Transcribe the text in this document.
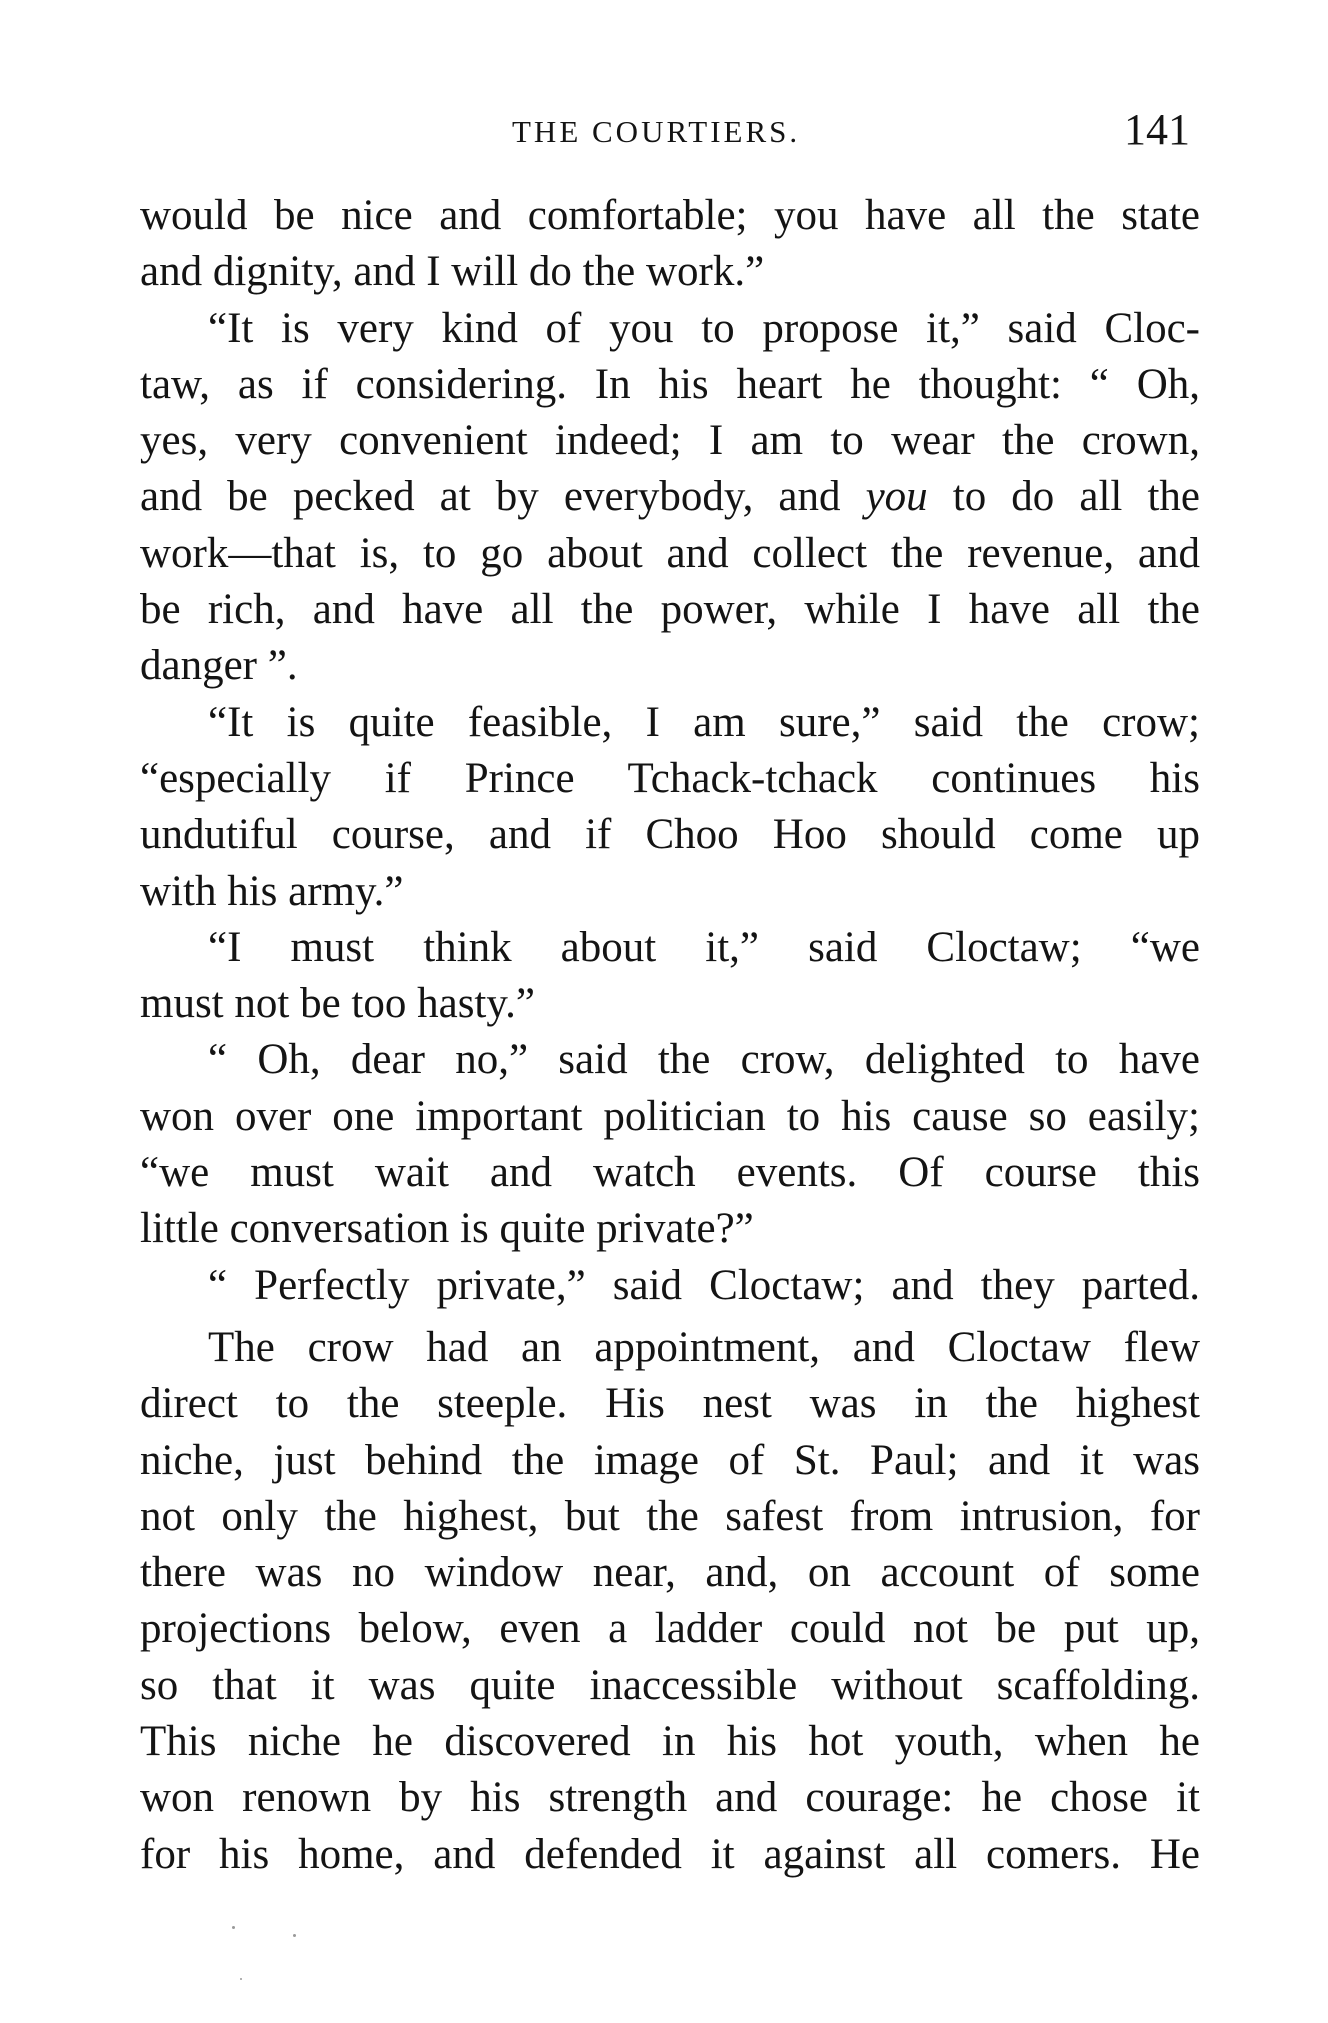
THE COURTIERS.	141
would be nice and comfortable; you have all the state
and dignity, and I will do the work.”
“It is very kind of you to propose it,” said Cloc-
taw, as if considering. In his heart he thought: “ Oh,
yes, very convenient indeed; I am to wear the crown,
and be pecked at by everybody, and you to do all the
work—that is, to go about and collect the revenue, and
be rich, and have all the power, while I have all the
danger ”.
“It is quite feasible, I am sure,” said the crow;
“especially if Prince Tchack-tchack continues his
undutiful course, and if Choo Hoo should come up
with his army.”
“I must think about it,” said Cloctaw; “we
must not be too hasty.”
“ Oh, dear no,” said the crow, delighted to have
won over one important politician to his cause so easily;
“we must wait and watch events. Of course this
little conversation is quite private?”
“ Perfectly private,” said Cloctaw; and they parted.
The crow had an appointment, and Cloctaw flew
direct to the steeple. His nest was in the highest
niche, just behind the image of St. Paul; and it was
not only the highest, but the safest from intrusion, for
there was no window near, and, on account of some
projections below, even a ladder could not be put up,
so that it was quite inaccessible without scaffolding.
This niche he discovered in his hot youth, when he
won renown by his strength and courage: he chose it
for his home, and defended it against all comers. He
